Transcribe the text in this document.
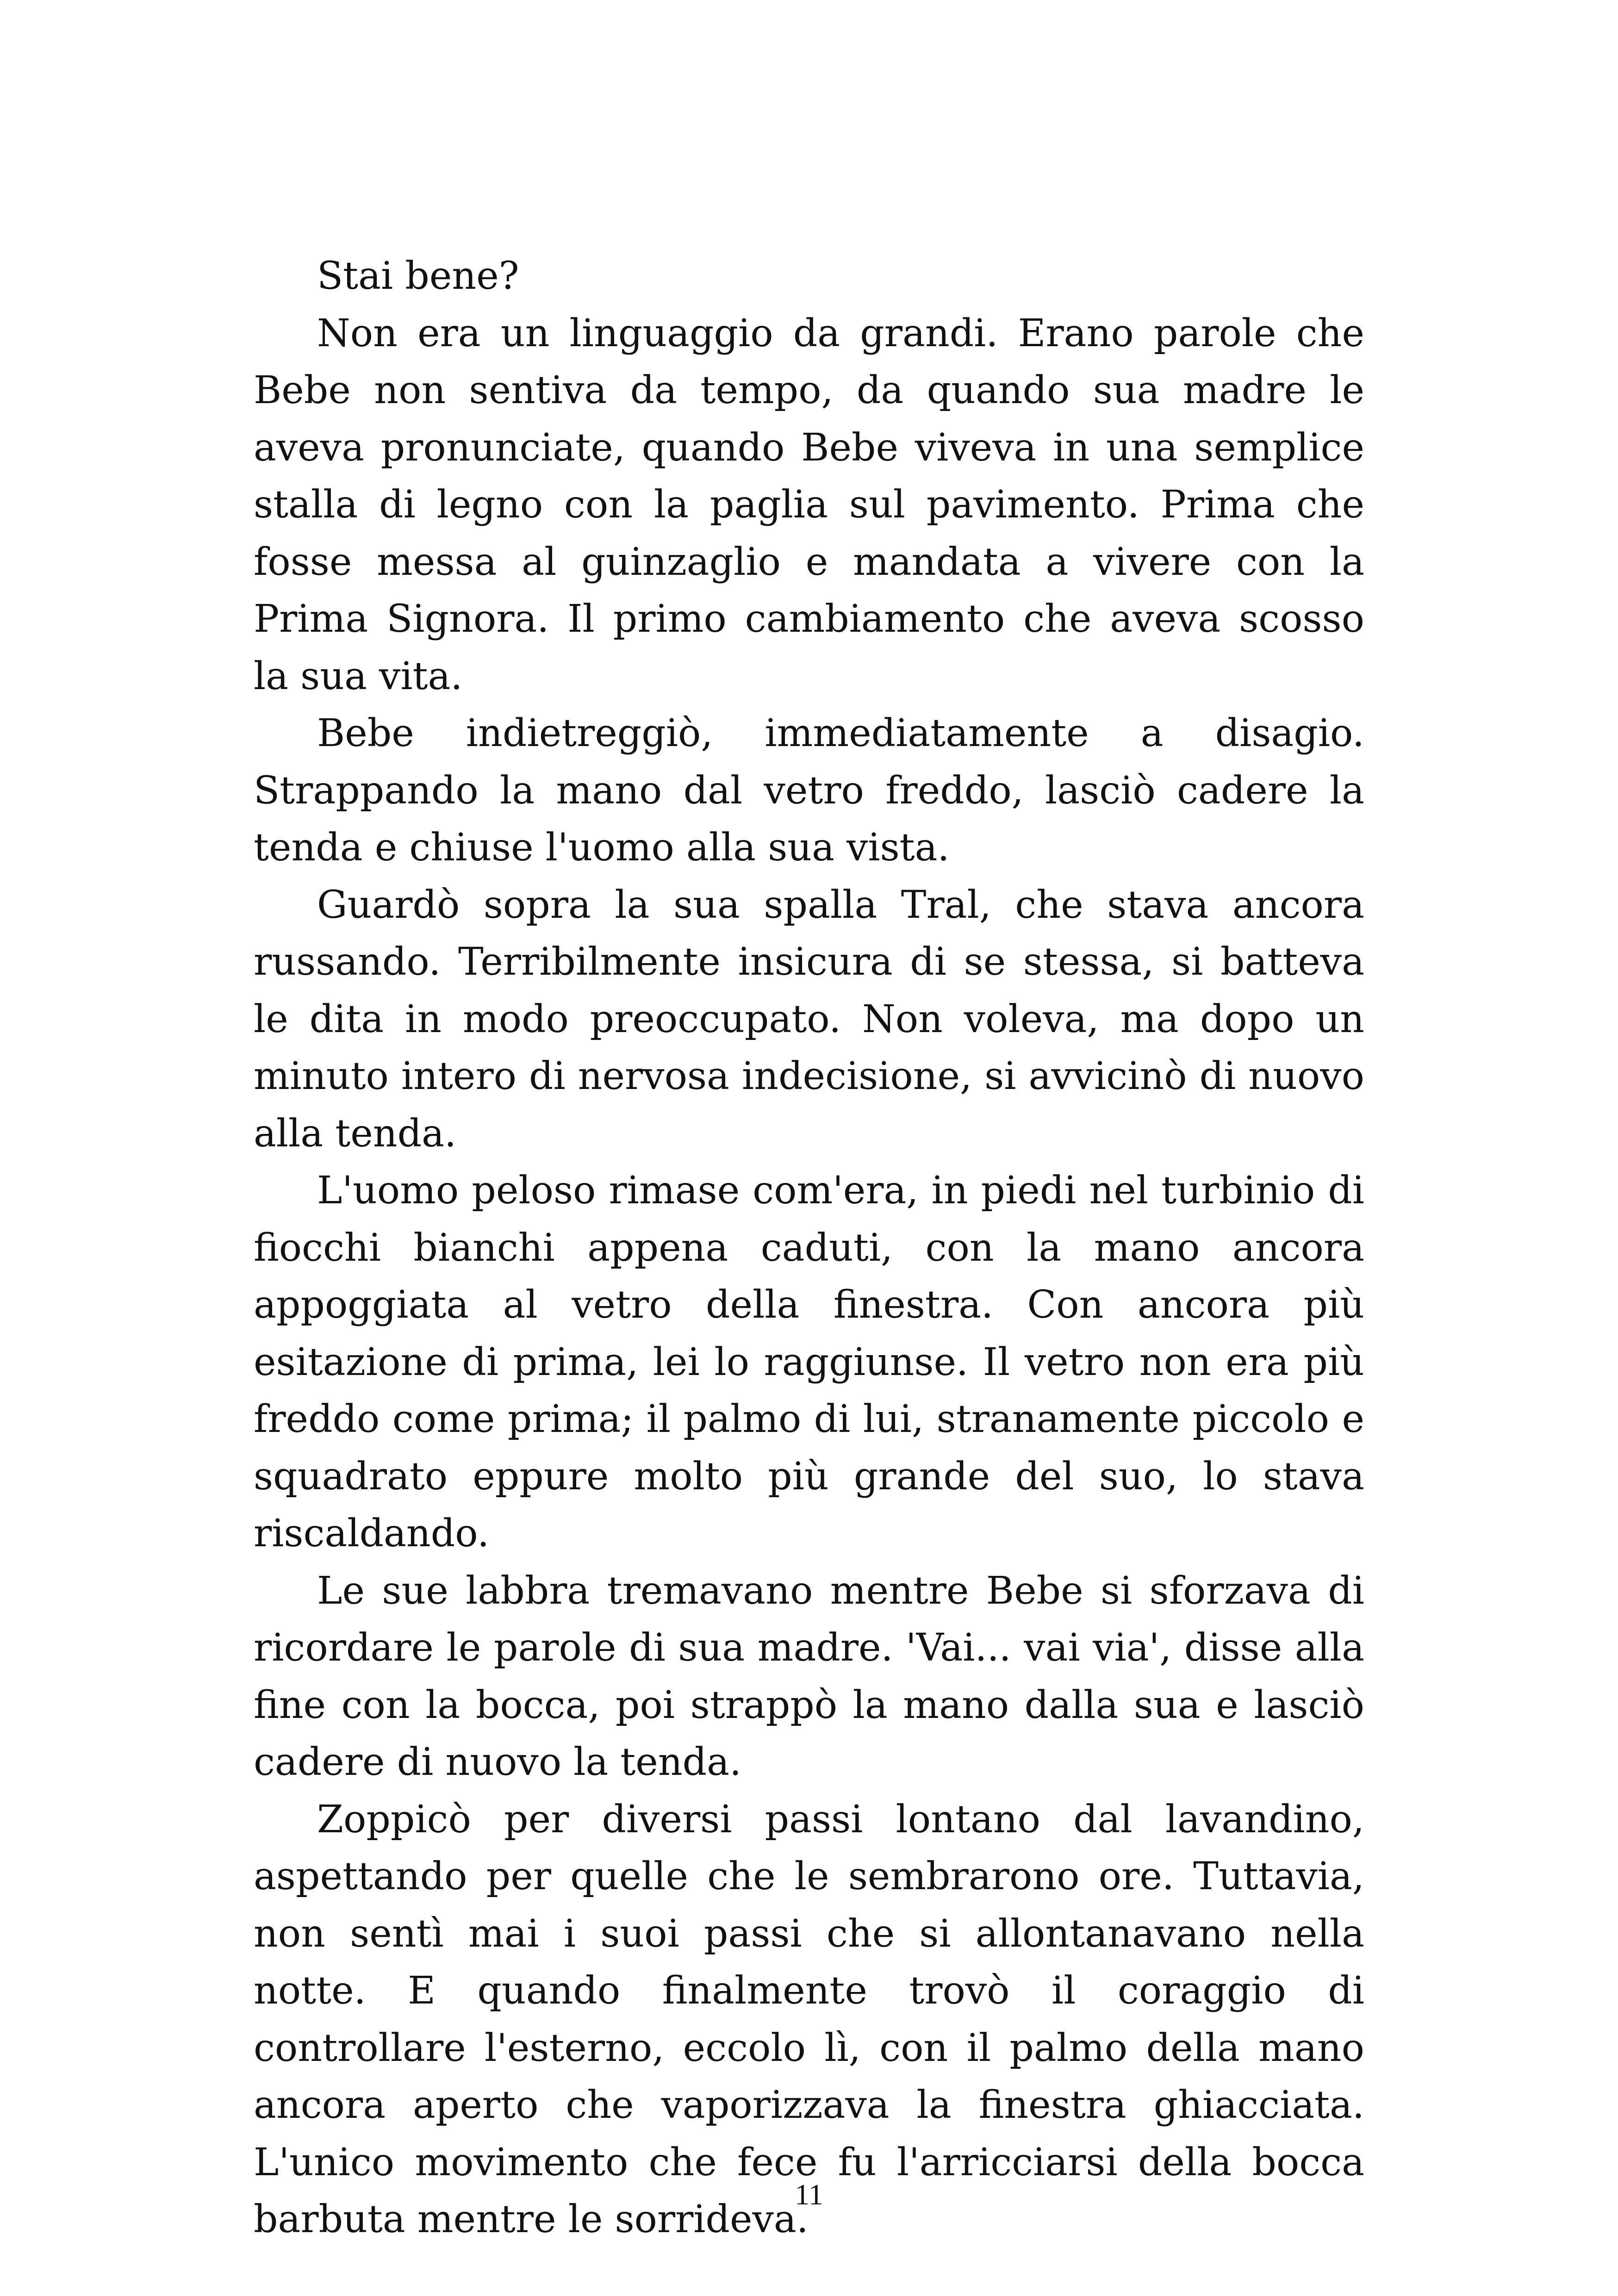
Stai bene?

Non era un linguaggio da grandi. Erano parole che Bebe non sentiva da tempo, da quando sua madre le aveva pronunciate, quando Bebe viveva in una semplice stalla di legno con la paglia sul pavimento. Prima che fosse messa al guinzaglio e mandata a vivere con la Prima Signora. Il primo cambiamento che aveva scosso la sua vita.

Bebe indietreggiò, immediatamente a disagio. Strappando la mano dal vetro freddo, lasciò cadere la tenda e chiuse l'uomo alla sua vista.

Guardò sopra la sua spalla Tral, che stava ancora russando. Terribilmente insicura di se stessa, si batteva le dita in modo preoccupato. Non voleva, ma dopo un minuto intero di nervosa indecisione, si avvicinò di nuovo alla tenda.

L'uomo peloso rimase com'era, in piedi nel turbinio di fiocchi bianchi appena caduti, con la mano ancora appoggiata al vetro della finestra. Con ancora più esitazione di prima, lei lo raggiunse. Il vetro non era più freddo come prima; il palmo di lui, stranamente piccolo e squadrato eppure molto più grande del suo, lo stava riscaldando.

Le sue labbra tremavano mentre Bebe si sforzava di ricordare le parole di sua madre. 'Vai... vai via', disse alla fine con la bocca, poi strappò la mano dalla sua e lasciò cadere di nuovo la tenda.

Zoppicò per diversi passi lontano dal lavandino, aspettando per quelle che le sembrarono ore. Tuttavia, non sentì mai i suoi passi che si allontanavano nella notte. E quando finalmente trovò il coraggio di controllare l'esterno, eccolo lì, con il palmo della mano ancora aperto che vaporizzava la finestra ghiacciata. L'unico movimento che fece fu l'arricciarsi della bocca barbuta mentre le sorrideva.

11
